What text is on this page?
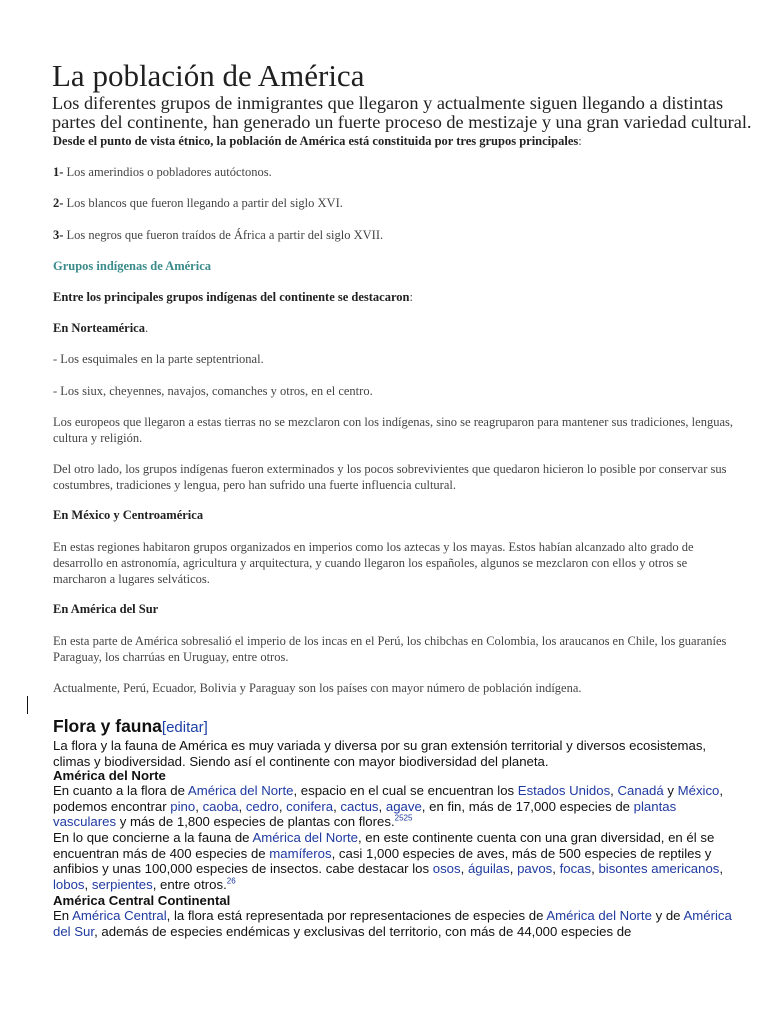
La población de América
Los diferentes grupos de inmigrantes que llegaron y actualmente siguen llegando a distintas partes del continente, han generado un fuerte proceso de mestizaje y una gran variedad cultural.
Desde el punto de vista étnico, la población de América está constituida por tres grupos principales:
1- Los amerindios o pobladores autóctonos.
2- Los blancos que fueron llegando a partir del siglo XVI.
3- Los negros que fueron traídos de África a partir del siglo XVII.
Grupos indígenas de América
Entre los principales grupos indígenas del continente se destacaron:
En Norteamérica.
- Los esquimales en la parte septentrional.
- Los siux, cheyennes, navajos, comanches y otros, en el centro.
Los europeos que llegaron a estas tierras no se mezclaron con los indígenas, sino se reagruparon para mantener sus tradiciones, lenguas, cultura y religión.
Del otro lado, los grupos indígenas fueron exterminados y los pocos sobrevivientes que quedaron hicieron lo posible por conservar sus costumbres, tradiciones y lengua, pero han sufrido una fuerte influencia cultural.
En México y Centroamérica
En estas regiones habitaron grupos organizados en imperios como los aztecas y los mayas. Estos habían alcanzado alto grado de desarrollo en astronomía, agricultura y arquitectura, y cuando llegaron los españoles, algunos se mezclaron con ellos y otros se marcharon a lugares selváticos.
En América del Sur
En esta parte de América sobresalió el imperio de los incas en el Perú, los chibchas en Colombia, los araucanos en Chile, los guaraníes Paraguay, los charrúas en Uruguay, entre otros.
Actualmente, Perú, Ecuador, Bolivia y Paraguay son los países con mayor número de población indígena.
Flora y fauna[editar]
La flora y la fauna de América es muy variada y diversa por su gran extensión territorial y diversos ecosistemas, climas y biodiversidad. Siendo así el continente con mayor biodiversidad del planeta.
América del Norte
En cuanto a la flora de América del Norte, espacio en el cual se encuentran los Estados Unidos, Canadá y México, podemos encontrar pino, caoba, cedro, conifera, cactus, agave, en fin, más de 17,000 especies de plantas vasculares y más de 1,800 especies de plantas con flores.$^{2525}$
En lo que concierne a la fauna de América del Norte, en este continente cuenta con una gran diversidad, en él se encuentran más de 400 especies de mamíferos, casi 1,000 especies de aves, más de 500 especies de reptiles y anfibios y unas 100,000 especies de insectos. cabe destacar los osos, águilas, pavos, focas, bisontes americanos, lobos, serpientes, entre otros.$^{26}$
América Central Continental
En América Central, la flora está representada por representaciones de especies de América del Norte y de América del Sur, además de especies endémicas y exclusivas del territorio, con más de 44,000 especies de
